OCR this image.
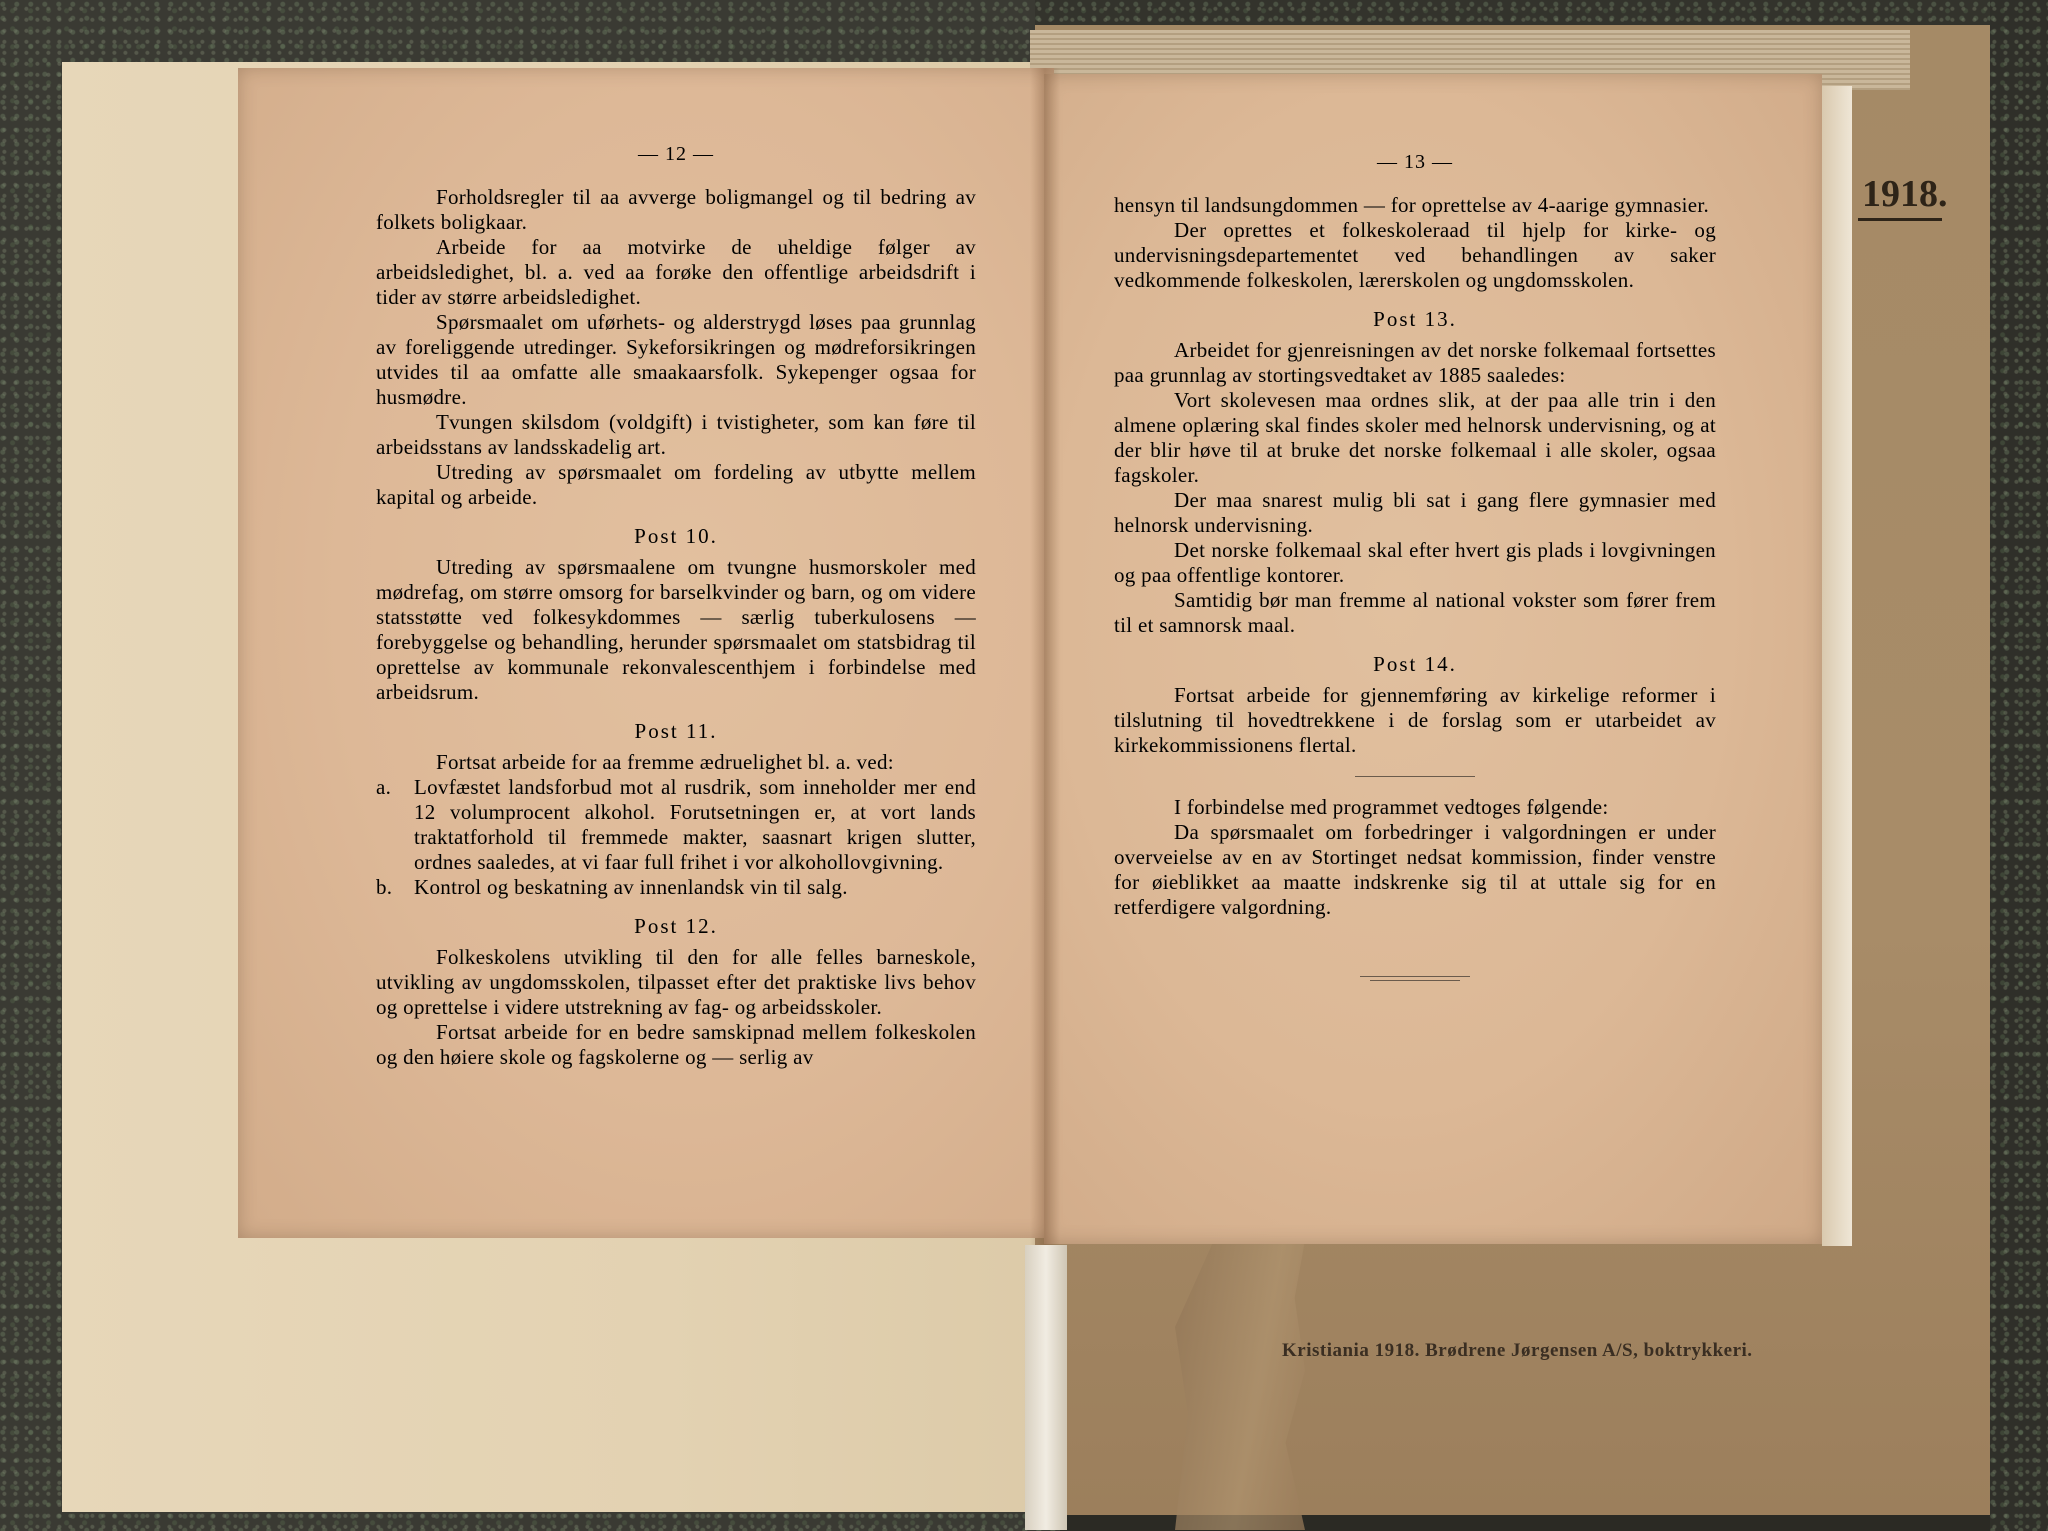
1918.
Kristiania 1918. Brødrene Jørgensen A/S, boktrykkeri.
— 12 —

Forholdsregler til aa avverge boligmangel og til bedring av folkets boligkaar.

Arbeide for aa motvirke de uheldige følger av arbeidsledighet, bl. a. ved aa forøke den offentlige arbeidsdrift i tider av større arbeidsledighet.

Spørsmaalet om uførhets- og alderstrygd løses paa grunnlag av foreliggende utredinger. Sykeforsikringen og mødreforsikringen utvides til aa omfatte alle smaakaarsfolk. Sykepenger ogsaa for husmødre.

Tvungen skilsdom (voldgift) i tvistigheter, som kan føre til arbeidsstans av landsskadelig art.

Utreding av spørsmaalet om fordeling av utbytte mellem kapital og arbeide.

Post 10.

Utreding av spørsmaalene om tvungne husmorskoler med mødrefag, om større omsorg for barselkvinder og barn, og om videre statsstøtte ved folkesykdommes — særlig tuberkulosens — forebyggelse og behandling, herunder spørsmaalet om statsbidrag til oprettelse av kommunale rekonvalescenthjem i forbindelse med arbeidsrum.

Post 11.

Fortsat arbeide for aa fremme ædruelighet bl. a. ved:

a.	Lovfæstet landsforbud mot al rusdrik, som inneholder mer end 12 volumprocent alkohol. Forutsetningen er, at vort lands traktatforhold til fremmede makter, saasnart krigen slutter, ordnes saaledes, at vi faar full frihet i vor alkohollovgivning.
b.	Kontrol og beskatning av innenlandsk vin til salg.
Post 12.

Folkeskolens utvikling til den for alle felles barneskole, utvikling av ungdomsskolen, tilpasset efter det praktiske livs behov og oprettelse i videre utstrekning av fag- og arbeidsskoler.

Fortsat arbeide for en bedre samskipnad mellem folkeskolen og den høiere skole og fagskolerne og — serlig av

— 13 —

hensyn til landsungdommen — for oprettelse av 4-aarige gymnasier.

Der oprettes et folkeskoleraad til hjelp for kirke- og undervisningsdepartementet ved behandlingen av saker vedkommende folkeskolen, lærerskolen og ungdomsskolen.

Post 13.

Arbeidet for gjenreisningen av det norske folkemaal fortsettes paa grunnlag av stortingsvedtaket av 1885 saaledes:

Vort skolevesen maa ordnes slik, at der paa alle trin i den almene oplæring skal findes skoler med helnorsk undervisning, og at der blir høve til at bruke det norske folkemaal i alle skoler, ogsaa fagskoler.

Der maa snarest mulig bli sat i gang flere gymnasier med helnorsk undervisning.

Det norske folkemaal skal efter hvert gis plads i lovgivningen og paa offentlige kontorer.

Samtidig bør man fremme al national vokster som fører frem til et samnorsk maal.

Post 14.

Fortsat arbeide for gjennemføring av kirkelige reformer i tilslutning til hovedtrekkene i de forslag som er utarbeidet av kirkekommissionens flertal.

I forbindelse med programmet vedtoges følgende:

Da spørsmaalet om forbedringer i valgordningen er under overveielse av en av Stortinget nedsat kommission, finder venstre for øieblikket aa maatte indskrenke sig til at uttale sig for en retferdigere valgordning.
